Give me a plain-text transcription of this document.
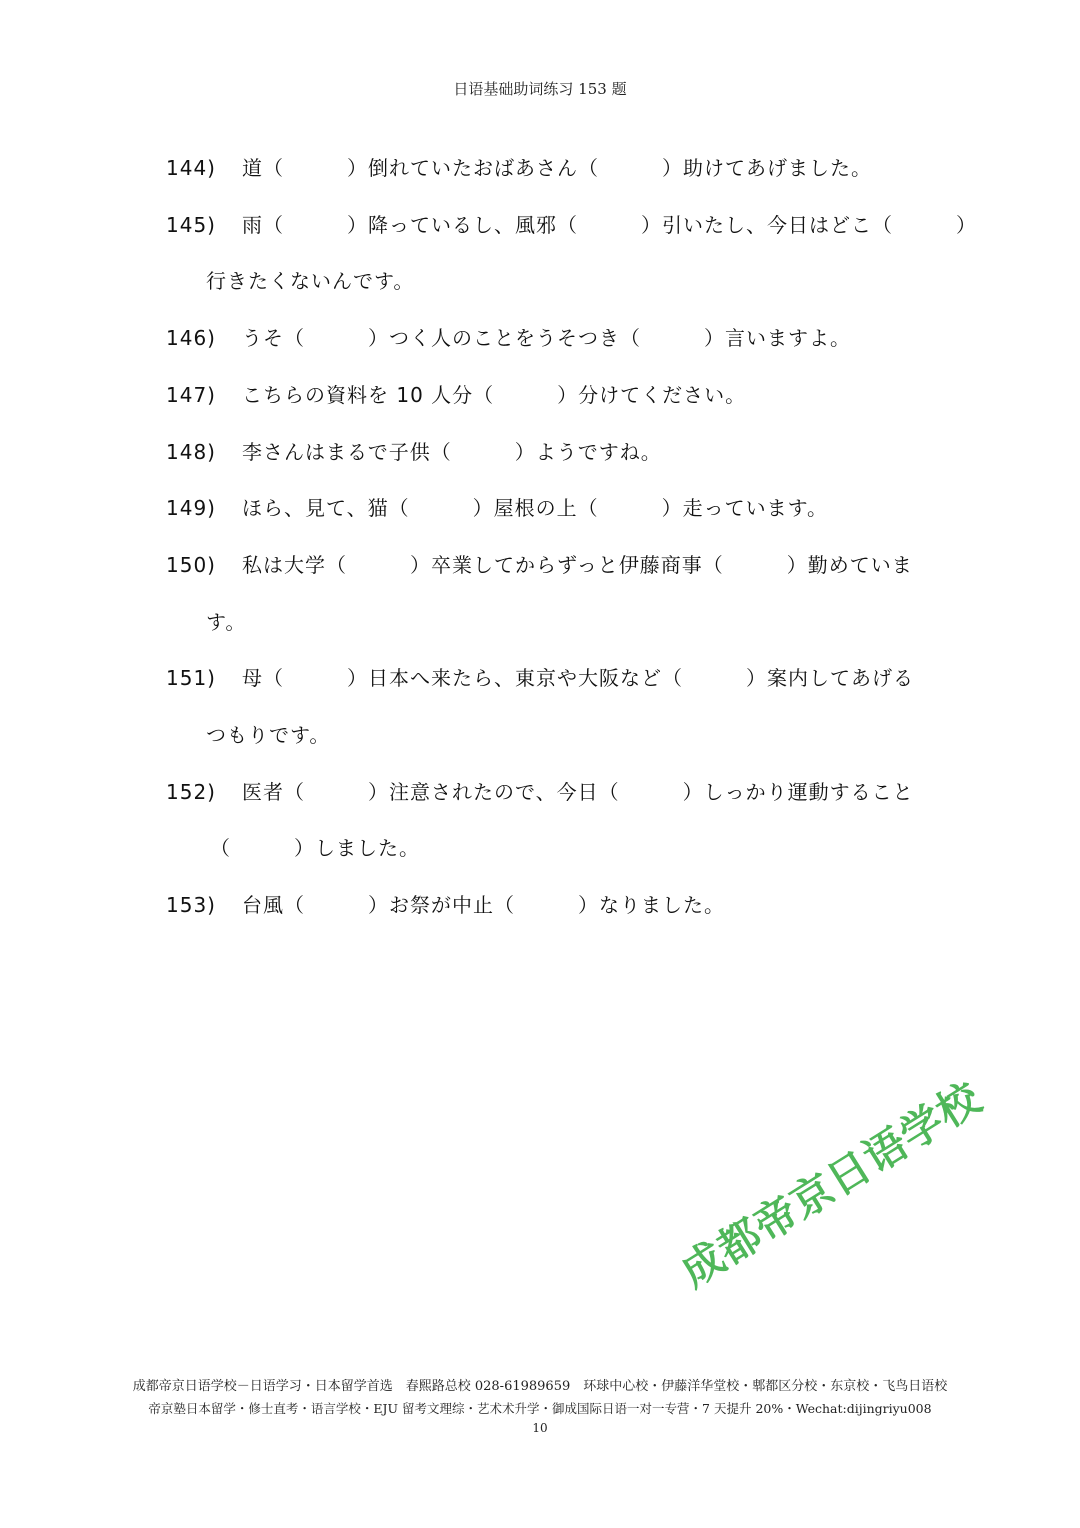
日语基础助词练习 153 题
144) 道（　　　）倒れていたおばあさん（　　　）助けてあげました。
145) 雨（　　　）降っているし、風邪（　　　）引いたし、今日はどこ（　　　）
行きたくないんです。
146) うそ（　　　）つく人のことをうそつき（　　　）言いますよ。
147) こちらの資料を 10 人分（　　　）分けてください。
148) 李さんはまるで子供（　　　）ようですね。
149) ほら、見て、猫（　　　）屋根の上（　　　）走っています。
150) 私は大学（　　　）卒業してからずっと伊藤商事（　　　）勤めていま
す。
151) 母（　　　）日本へ来たら、東京や大阪など（　　　）案内してあげる
つもりです。
152) 医者（　　　）注意されたので、今日（　　　）しっかり運動すること
（　　　）しました。
153) 台風（　　　）お祭が中止（　　　）なりました。
成都帝京日语学校
成都帝京日语学校－日语学习・日本留学首选　春熙路总校 028-61989659　环球中心校・伊藤洋华堂校・郫都区分校・东京校・飞鸟日语校
帝京塾日本留学・修士直考・语言学校・EJU 留考文理综・艺术术升学・御成国际日语一对一专营・7 天提升 20%・Wechat:dijingriyu008
10
